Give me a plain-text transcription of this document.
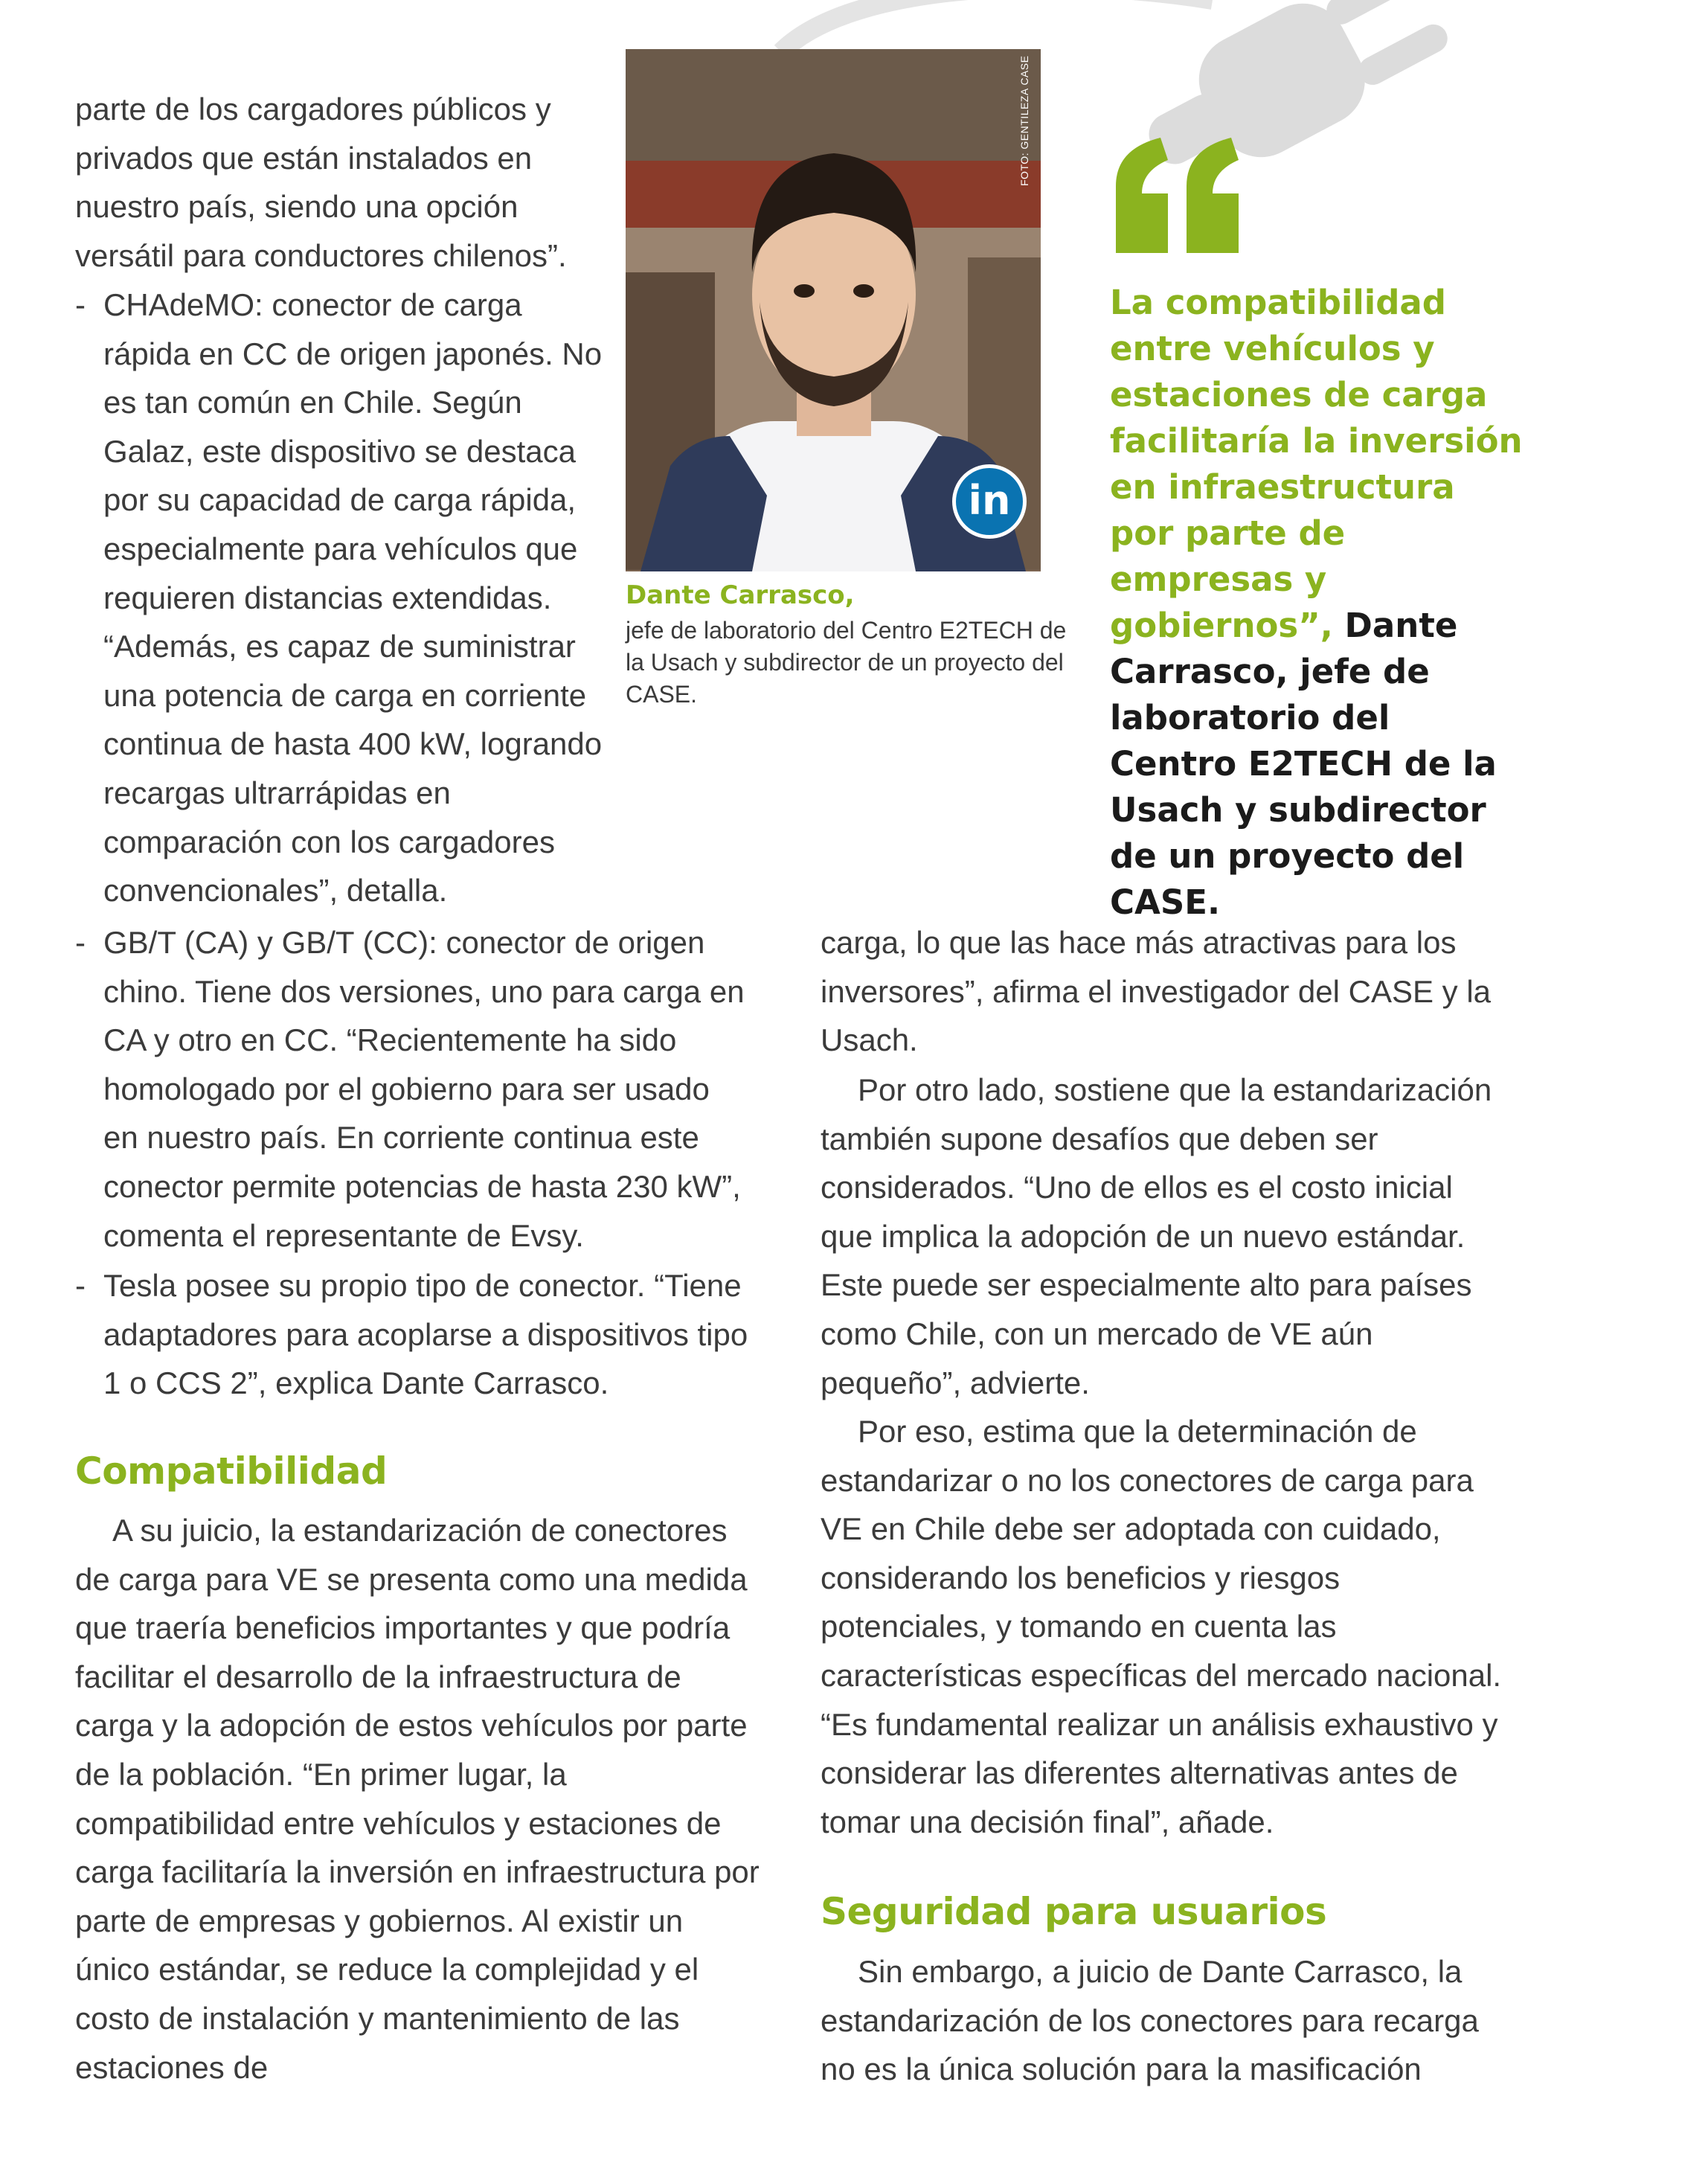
parte de los cargadores públicos y privados que están instalados en nuestro país, siendo una opción versátil para conductores chilenos”.

- CHAdeMO: conector de carga rápida en CC de origen japonés. No es tan común en Chile. Según Galaz, este dispositivo se destaca por su capacidad de carga rápida, especialmente para vehículos que requieren distancias extendidas. “Además, es capaz de suministrar una potencia de carga en corriente continua de hasta 400 kW, logrando recargas ultrarrápidas en comparación con los cargadores convencionales”, detalla.

- GB/T (CA) y GB/T (CC): conector de origen chino. Tiene dos versiones, uno para carga en CA y otro en CC. “Recientemente ha sido homologado por el gobierno para ser usado en nuestro país. En corriente continua este conector permite potencias de hasta 230 kW”, comenta el representante de Evsy.

- Tesla posee su propio tipo de conector. “Tiene adaptadores para acoplarse a dispositivos tipo 1 o CCS 2”, explica Dante Carrasco.

Compatibilidad

A su juicio, la estandarización de conectores de carga para VE se presenta como una medida que traería beneficios importantes y que podría facilitar el desarrollo de la infraestructura de carga y la adopción de estos vehículos por parte de la población. “En primer lugar, la compatibilidad entre vehículos y estaciones de carga facilitaría la inversión en infraestructura por parte de empresas y gobiernos. Al existir un único estándar, se reduce la complejidad y el costo de instalación y mantenimiento de las estaciones de

FOTO: GENTILEZA CASE
in

Dante Carrasco,

jefe de laboratorio del Centro E2TECH de la Usach y subdirector de un proyecto del CASE.

La compatibilidad entre vehículos y estaciones de carga facilitaría la inversión en infraestructura por parte de empresas y gobiernos”, Dante Carrasco, jefe de laboratorio del Centro E2TECH de la Usach y subdirector de un proyecto del CASE.

carga, lo que las hace más atractivas para los inversores”, afirma el investigador del CASE y la Usach.

Por otro lado, sostiene que la estandarización también supone desafíos que deben ser considerados. “Uno de ellos es el costo inicial que implica la adopción de un nuevo estándar. Este puede ser especialmente alto para países como Chile, con un mercado de VE aún pequeño”, advierte.

Por eso, estima que la determinación de estandarizar o no los conectores de carga para VE en Chile debe ser adoptada con cuidado, considerando los beneficios y riesgos potenciales, y tomando en cuenta las características específicas del mercado nacional. “Es fundamental realizar un análisis exhaustivo y considerar las diferentes alternativas antes de tomar una decisión final”, añade.

Seguridad para usuarios

Sin embargo, a juicio de Dante Carrasco, la estandarización de los conectores para recarga no es la única solución para la masificación
